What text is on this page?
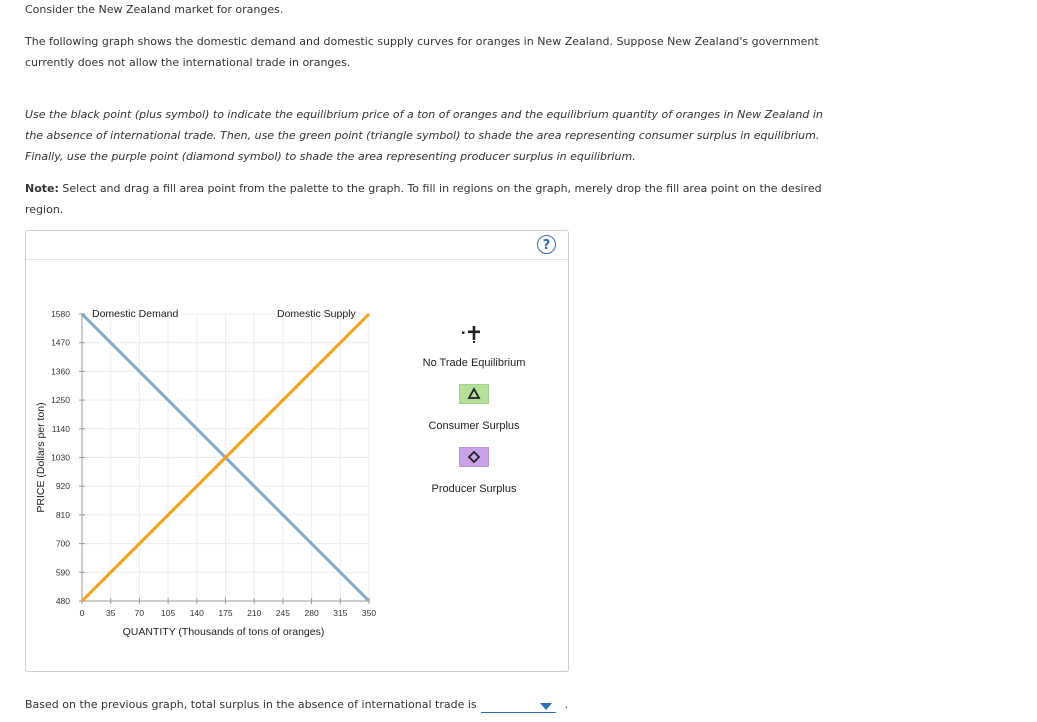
Consider the New Zealand market for oranges.

The following graph shows the domestic demand and domestic supply curves for oranges in New Zealand. Suppose New Zealand's government currently does not allow the international trade in oranges.

Use the black point (plus symbol) to indicate the equilibrium price of a ton of oranges and the equilibrium quantity of oranges in New Zealand in the absence of international trade. Then, use the green point (triangle symbol) to shade the area representing consumer surplus in equilibrium. Finally, use the purple point (diamond symbol) to shade the area representing producer surplus in equilibrium.

Note: Select and drag a fill area point from the palette to the graph. To fill in regions on the graph, merely drop the fill area point on the desired region.

?
480
590
700
810
920
1030
1140
1250
1360
1470
1580
0	35 70 105 140 175 210 245 280 315 350
QUANTITY (Thousands of tons of oranges)
PRICE (Dollars per ton)
Domestic Demand	Domestic Supply
No Trade Equilibrium
Consumer Surplus
Producer Surplus
Based on the previous graph, total surplus in the absence of international trade is	.
